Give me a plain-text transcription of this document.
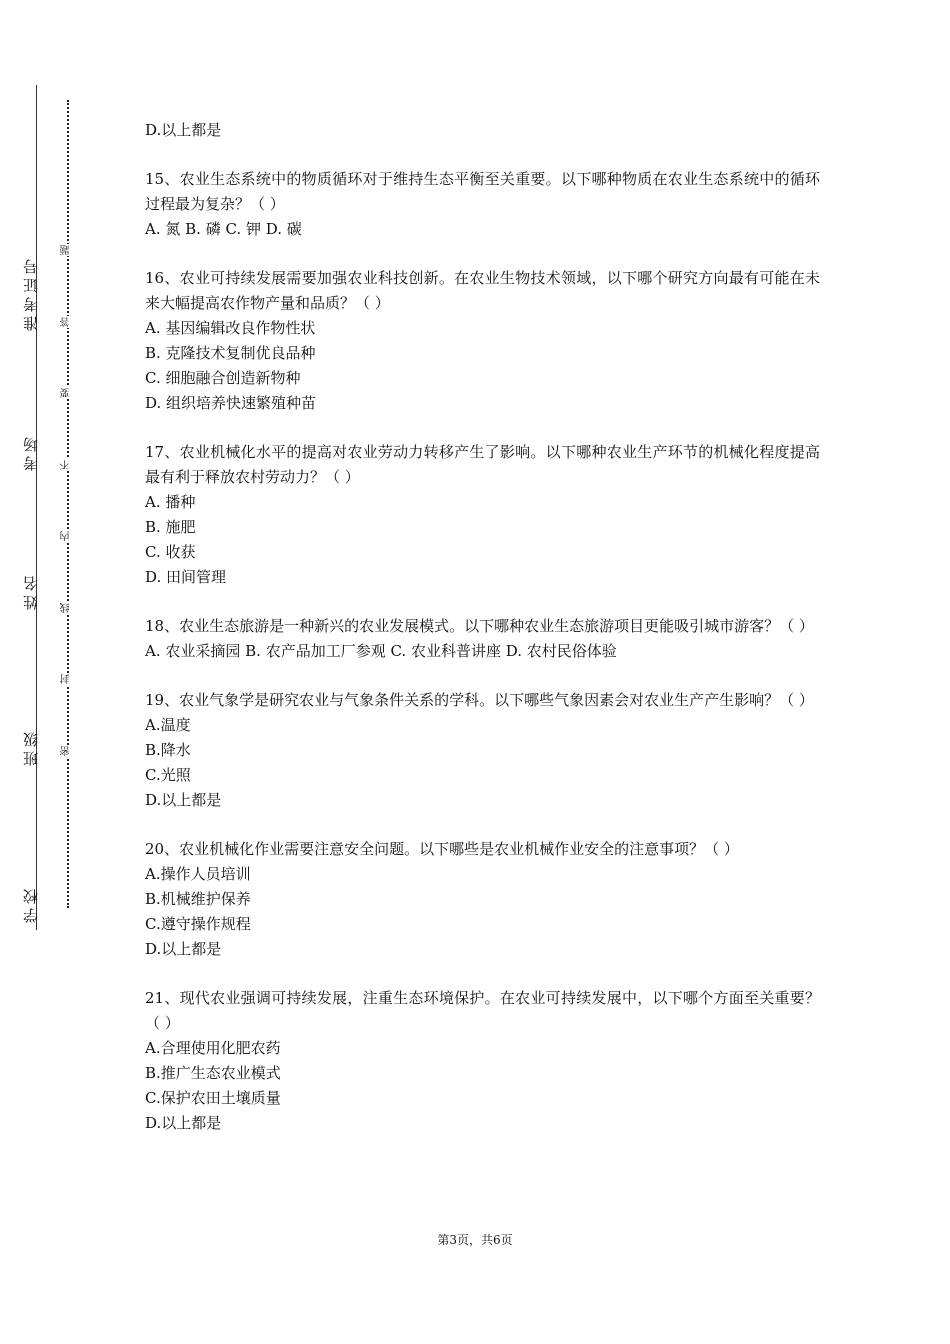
准考证号
考场
姓名
班级
学校
题
答
要
不
内
线
封
密

D.以上都是

15、农业生态系统中的物质循环对于维持生态平衡至关重要。以下哪种物质在农业生态系统中的循环过程最为复杂？（ ）

A. 氮 B. 磷 C. 钾 D. 碳

16、农业可持续发展需要加强农业科技创新。在农业生物技术领域，以下哪个研究方向最有可能在未来大幅提高农作物产量和品质？（ ）

A. 基因编辑改良作物性状

B. 克隆技术复制优良品种

C. 细胞融合创造新物种

D. 组织培养快速繁殖种苗

17、农业机械化水平的提高对农业劳动力转移产生了影响。以下哪种农业生产环节的机械化程度提高最有利于释放农村劳动力？（ ）

A. 播种

B. 施肥

C. 收获

D. 田间管理

18、农业生态旅游是一种新兴的农业发展模式。以下哪种农业生态旅游项目更能吸引城市游客？（ ）

A. 农业采摘园 B. 农产品加工厂参观 C. 农业科普讲座 D. 农村民俗体验

19、农业气象学是研究农业与气象条件关系的学科。以下哪些气象因素会对农业生产产生影响？（ ）

A.温度

B.降水

C.光照

D.以上都是

20、农业机械化作业需要注意安全问题。以下哪些是农业机械作业安全的注意事项？（ ）

A.操作人员培训

B.机械维护保养

C.遵守操作规程

D.以上都是

21、现代农业强调可持续发展，注重生态环境保护。在农业可持续发展中，以下哪个方面至关重要？（ ）

A.合理使用化肥农药

B.推广生态农业模式

C.保护农田土壤质量

D.以上都是

第3页，共6页
